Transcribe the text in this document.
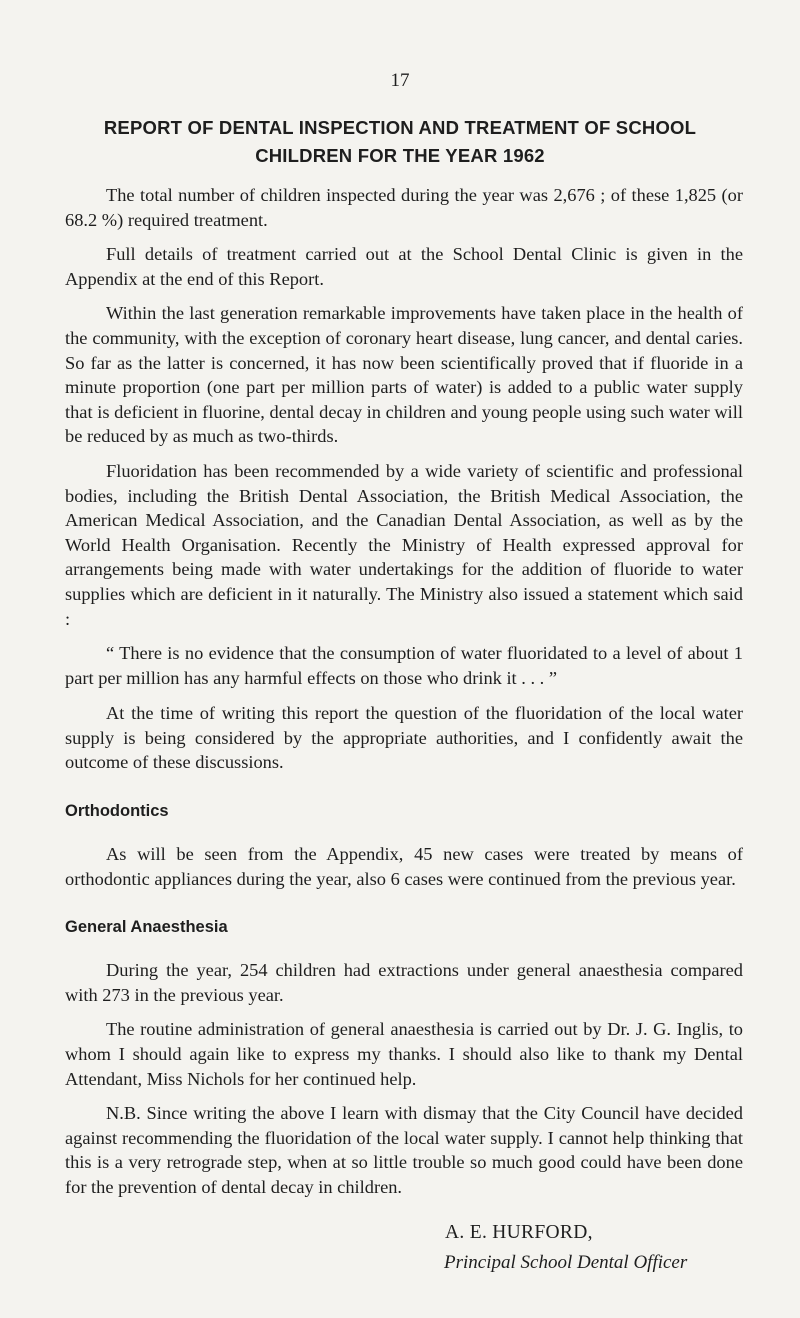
17
REPORT OF DENTAL INSPECTION AND TREATMENT OF SCHOOL
CHILDREN FOR THE YEAR 1962

The total number of children inspected during the year was 2,676 ; of these 1,825 (or 68.2 %) required treatment.

Full details of treatment carried out at the School Dental Clinic is given in the Appendix at the end of this Report.

Within the last generation remarkable improvements have taken place in the health of the community, with the exception of coronary heart disease, lung cancer, and dental caries. So far as the latter is concerned, it has now been scientifically proved that if fluoride in a minute proportion (one part per million parts of water) is added to a public water supply that is deficient in fluorine, dental decay in children and young people using such water will be reduced by as much as two-thirds.

Fluoridation has been recommended by a wide variety of scientific and professional bodies, including the British Dental Association, the British Medical Association, the American Medical Association, and the Canadian Dental Association, as well as by the World Health Organisation. Recently the Ministry of Health expressed approval for arrangements being made with water undertakings for the addition of fluoride to water supplies which are deficient in it naturally. The Ministry also issued a statement which said :

“ There is no evidence that the consumption of water fluoridated to a level of about 1 part per million has any harmful effects on those who drink it . . . ”

At the time of writing this report the question of the fluoridation of the local water supply is being considered by the appropriate authorities, and I confidently await the outcome of these discussions.

Orthodontics

As will be seen from the Appendix, 45 new cases were treated by means of orthodontic appliances during the year, also 6 cases were continued from the previous year.

General Anaesthesia

During the year, 254 children had extractions under general anaesthesia compared with 273 in the previous year.

The routine administration of general anaesthesia is carried out by Dr. J. G. Inglis, to whom I should again like to express my thanks. I should also like to thank my Dental Attendant, Miss Nichols for her continued help.

N.B. Since writing the above I learn with dismay that the City Council have decided against recommending the fluoridation of the local water supply. I cannot help thinking that this is a very retrograde step, when at so little trouble so much good could have been done for the prevention of dental decay in children.

A. E. HURFORD,
Principal School Dental Officer
